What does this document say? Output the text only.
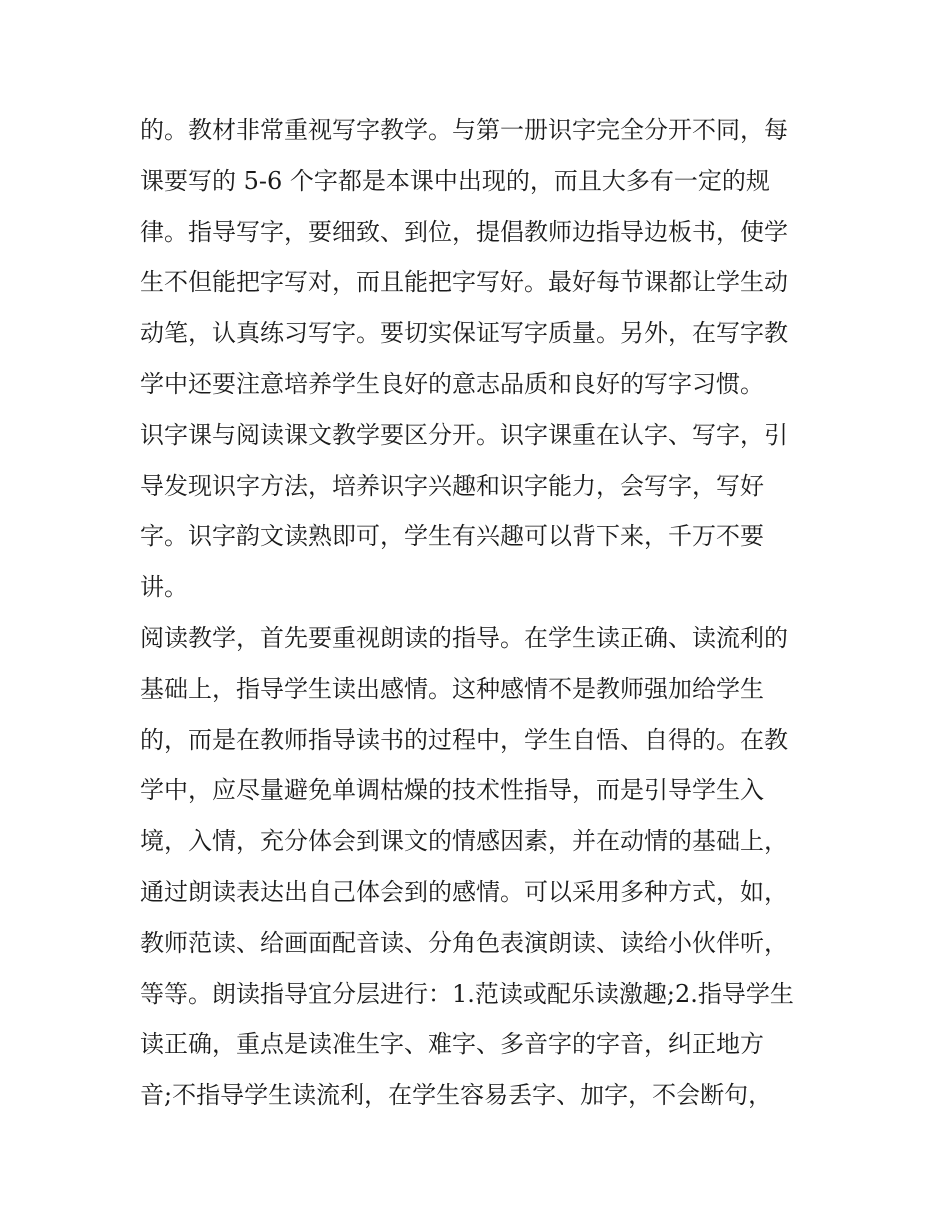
的。教材非常重视写字教学。与第一册识字完全分开不同，每
课要写的 5-6 个字都是本课中出现的，而且大多有一定的规
律。指导写字，要细致、到位，提倡教师边指导边板书，使学
生不但能把字写对，而且能把字写好。最好每节课都让学生动
动笔，认真练习写字。要切实保证写字质量。另外，在写字教
学中还要注意培养学生良好的意志品质和良好的写字习惯。
识字课与阅读课文教学要区分开。识字课重在认字、写字，引
导发现识字方法，培养识字兴趣和识字能力，会写字，写好
字。识字韵文读熟即可，学生有兴趣可以背下来，千万不要
讲。
阅读教学，首先要重视朗读的指导。在学生读正确、读流利的
基础上，指导学生读出感情。这种感情不是教师强加给学生
的，而是在教师指导读书的过程中，学生自悟、自得的。在教
学中，应尽量避免单调枯燥的技术性指导，而是引导学生入
境，入情，充分体会到课文的情感因素，并在动情的基础上，
通过朗读表达出自己体会到的感情。可以采用多种方式，如，
教师范读、给画面配音读、分角色表演朗读、读给小伙伴听，
等等。朗读指导宜分层进行：1.范读或配乐读激趣;2.指导学生
读正确，重点是读准生字、难字、多音字的字音，纠正地方
音;不指导学生读流利，在学生容易丢字、加字，不会断句，
